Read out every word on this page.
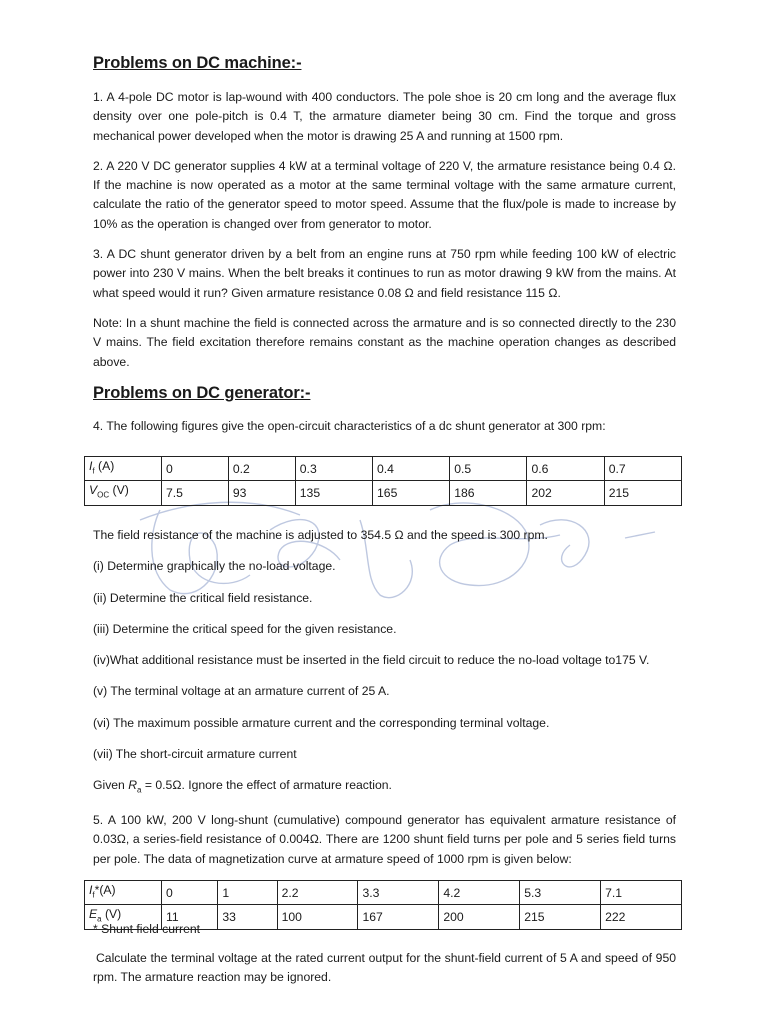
Problems on DC machine:-

1. A 4-pole DC motor is lap-wound with 400 conductors. The pole shoe is 20 cm long and the average flux density over one pole-pitch is 0.4 T, the armature diameter being 30 cm. Find the torque and gross mechanical power developed when the motor is drawing 25 A and running at 1500 rpm.

2. A 220 V DC generator supplies 4 kW at a terminal voltage of 220 V, the armature resistance being 0.4 Ω. If the machine is now operated as a motor at the same terminal voltage with the same armature current, calculate the ratio of the generator speed to motor speed. Assume that the flux/pole is made to increase by 10% as the operation is changed over from generator to motor.

3. A DC shunt generator driven by a belt from an engine runs at 750 rpm while feeding 100 kW of electric power into 230 V mains. When the belt breaks it continues to run as motor drawing 9 kW from the mains. At what speed would it run? Given armature resistance 0.08 Ω and field resistance 115 Ω.

Note: In a shunt machine the field is connected across the armature and is so connected directly to the 230 V mains. The field excitation therefore remains constant as the machine operation changes as described above.

Problems on DC generator:-

4. The following figures give the open-circuit characteristics of a dc shunt generator at 300 rpm:

$I_f$ (A)	0	0.2	0.3	0.4	0.5	0.6	0.7
$V_{OC}$ (V)	7.5	93	135	165	186	202	215

The field resistance of the machine is adjusted to 354.5 Ω and the speed is 300 rpm.

(i) Determine graphically the no-load voltage.

(ii) Determine the critical field resistance.

(iii) Determine the critical speed for the given resistance.

(iv)What additional resistance must be inserted in the field circuit to reduce the no-load voltage to175 V.

(v) The terminal voltage at an armature current of 25 A.

(vi) The maximum possible armature current and the corresponding terminal voltage.

(vii) The short-circuit armature current

Given $R_a = 0.5\Omega$. Ignore the effect of armature reaction.

5. A 100 kW, 200 V long-shunt (cumulative) compound generator has equivalent armature resistance of 0.03Ω, a series-field resistance of 0.004Ω. There are 1200 shunt field turns per pole and 5 series field turns per pole. The data of magnetization curve at armature speed of 1000 rpm is given below:

$I_f*(A)$	0	1	2.2	3.3	4.2	5.3	7.1
$E_a$ (V)	11	33	100	167	200	215	222

* Shunt field current

Calculate the terminal voltage at the rated current output for the shunt-field current of 5 A and speed of 950 rpm. The armature reaction may be ignored.
